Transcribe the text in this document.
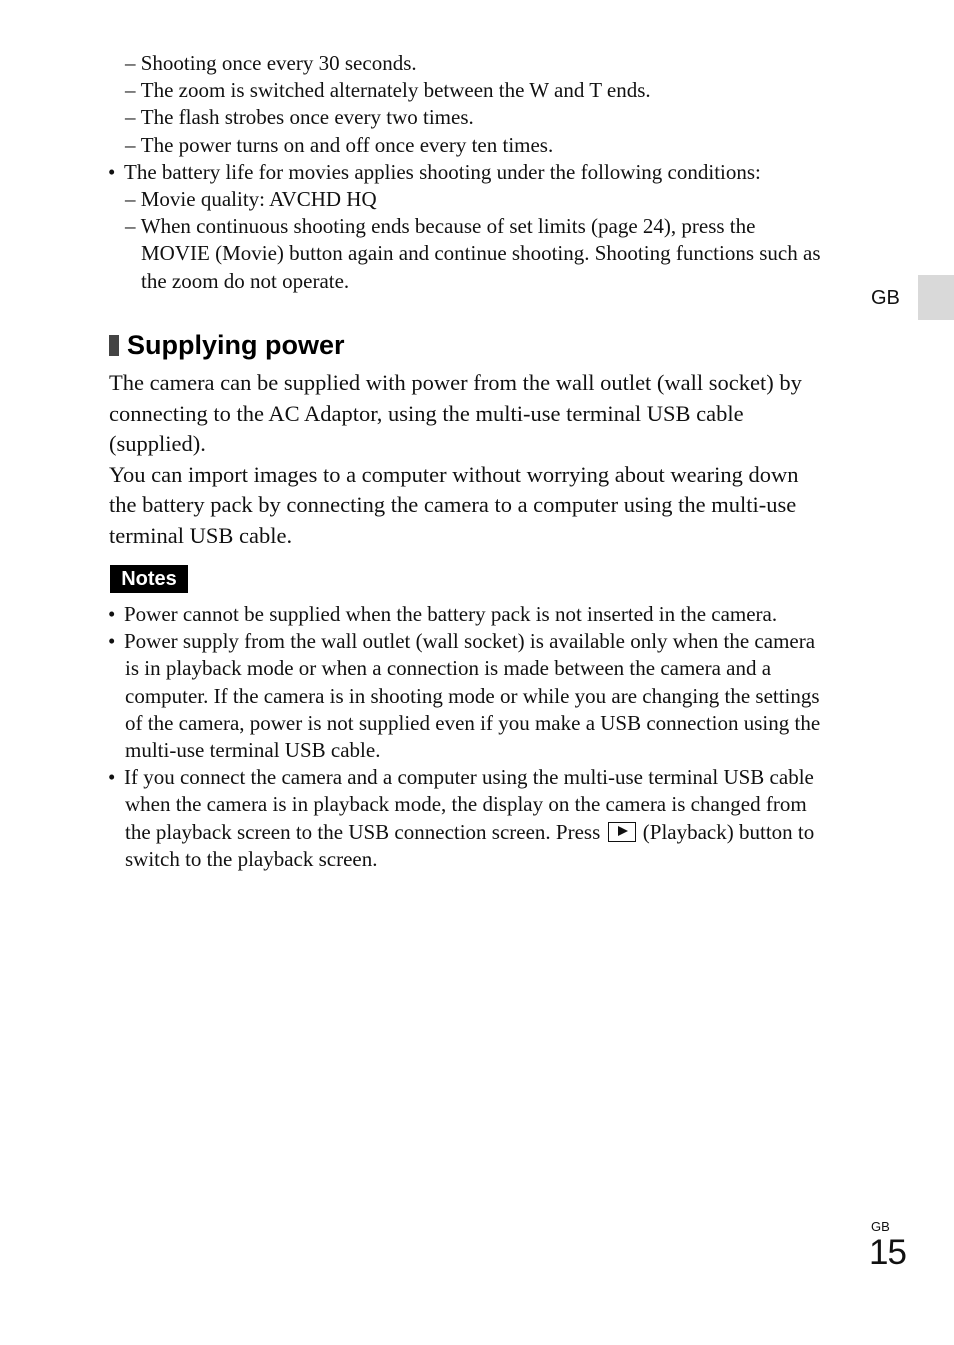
GB
– Shooting once every 30 seconds.
– The zoom is switched alternately between the W and T ends.
– The flash strobes once every two times.
– The power turns on and off once every ten times.
• The battery life for movies applies shooting under the following conditions:
– Movie quality: AVCHD HQ
– When continuous shooting ends because of set limits (page 24), press the
MOVIE (Movie) button again and continue shooting. Shooting functions such as
the zoom do not operate.
Supplying power
The camera can be supplied with power from the wall outlet (wall socket) by
connecting to the AC Adaptor, using the multi-use terminal USB cable
(supplied).
You can import images to a computer without worrying about wearing down
the battery pack by connecting the camera to a computer using the multi-use
terminal USB cable.
Notes
• Power cannot be supplied when the battery pack is not inserted in the camera.
• Power supply from the wall outlet (wall socket) is available only when the camera
is in playback mode or when a connection is made between the camera and a
computer. If the camera is in shooting mode or while you are changing the settings
of the camera, power is not supplied even if you make a USB connection using the
multi-use terminal USB cable.
• If you connect the camera and a computer using the multi-use terminal USB cable
when the camera is in playback mode, the display on the camera is changed from
the playback screen to the USB connection screen. Press (Playback) button to
switch to the playback screen.
GB
15
